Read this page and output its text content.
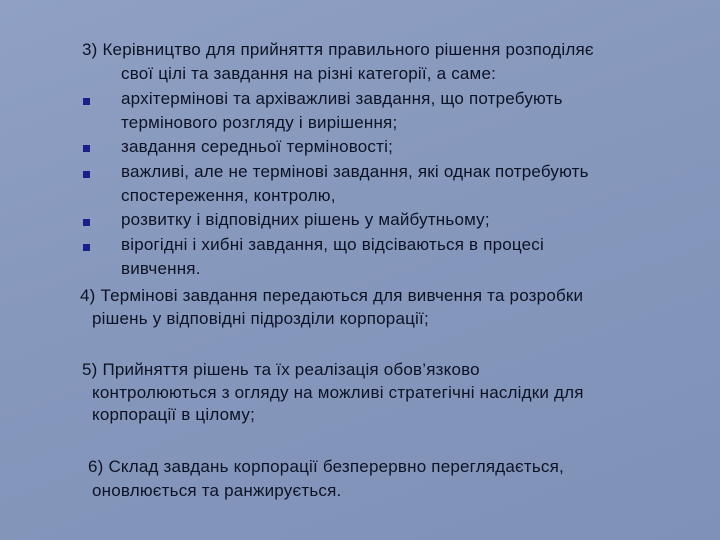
3) Керівництво для прийняття правильного рішення розподіляє
свої цілі та завдання на різні категорії, а саме:
архітермінові та архіважливі завдання, що потребують
термінового розгляду і вирішення;
завдання середньої терміновості;
важливі, але не термінові завдання, які однак потребують
спостереження, контролю,
розвитку і відповідних рішень у майбутньому;
вірогідні і хибні завдання, що відсіваються в процесі
вивчення.
4) Термінові завдання передаються для вивчення та розробки
рішень у відповідні підрозділи корпорації;
5) Прийняття рішень та їх реалізація обов’язково
контролюються з огляду на можливі стратегічні наслідки для
корпорації в цілому;
6) Склад завдань корпорації безперервно переглядається,
оновлюється та ранжирується.
